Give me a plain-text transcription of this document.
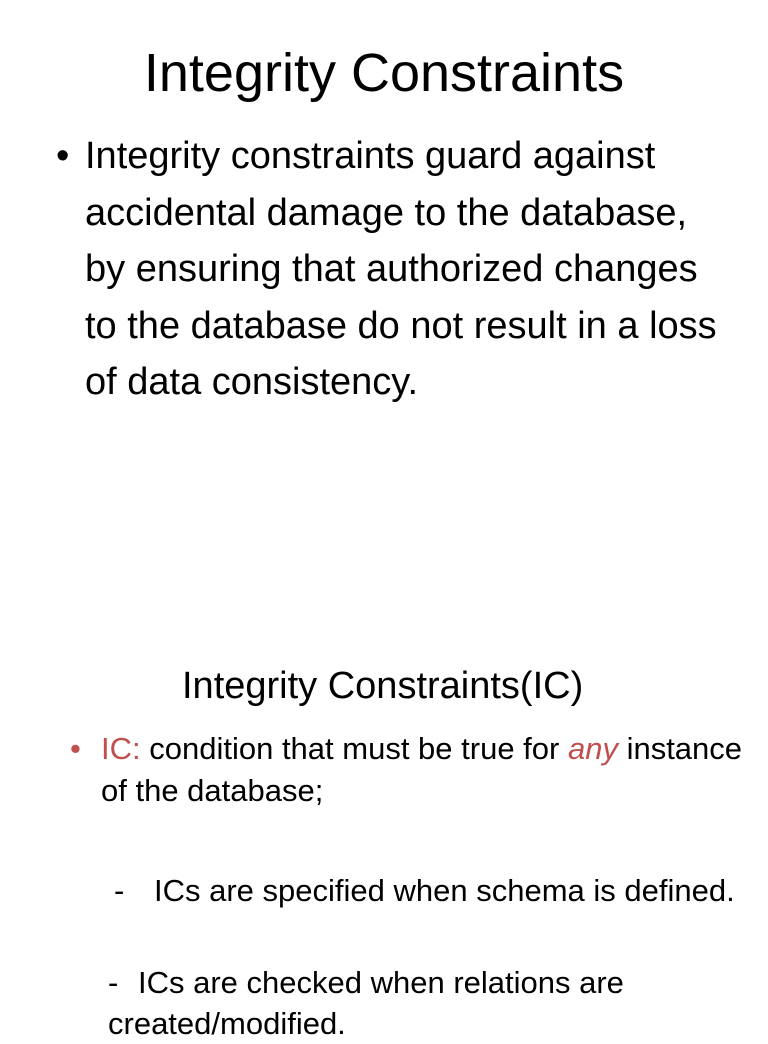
Integrity Constraints
• Integrity constraints guard against accidental damage to the database, by ensuring that authorized changes to the database do not result in a loss of data consistency.
Integrity Constraints(IC)
• IC: condition that must be true for any instance of the database;
- ICs are specified when schema is defined.
- ICs are checked when relations are created/modified.
